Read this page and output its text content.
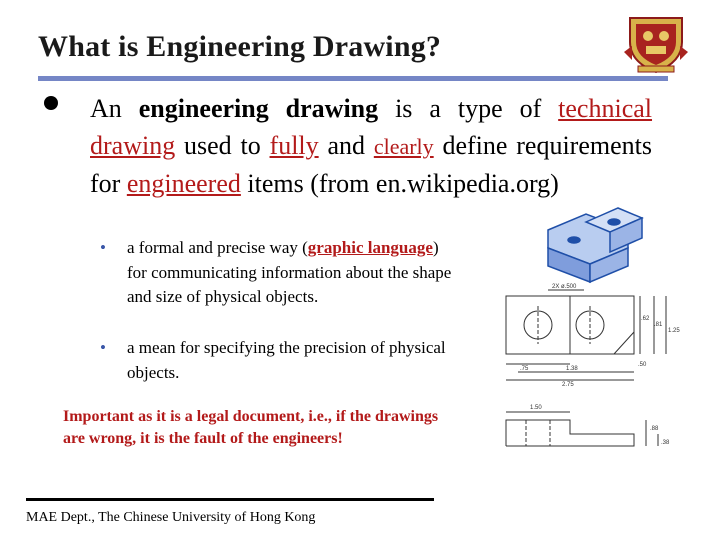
What is Engineering Drawing?
An engineering drawing is a type of technical drawing used to fully and clearly define requirements for engineered items (from en.wikipedia.org)
• a formal and precise way (graphic language) for communicating information about the shape and size of physical objects.
• a mean for specifying the precision of physical objects.
Important as it is a legal document, i.e., if the drawings are wrong, it is the fault of the engineers!
MAE Dept., The Chinese University of Hong Kong
2X ø.500
.62
.81
1.25
.75	1.38
2.75
.50
1.50
.88
.38
